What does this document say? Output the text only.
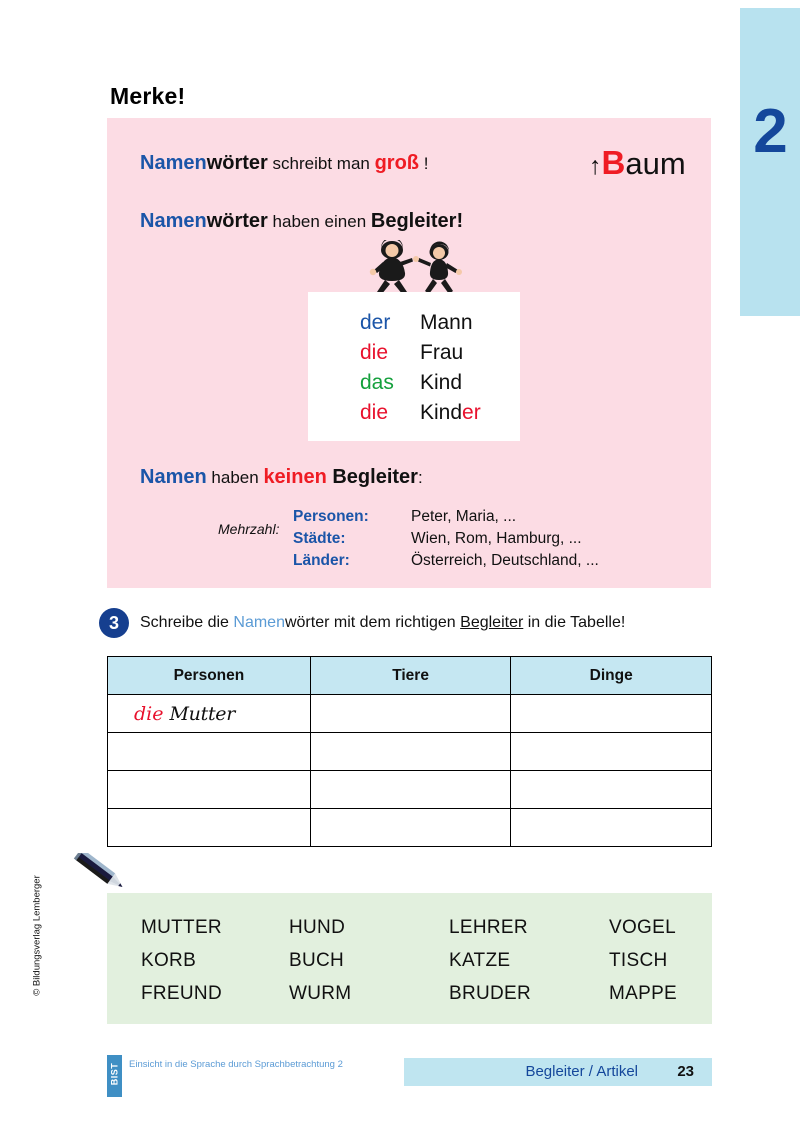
2
Merke!
Namenwörter schreibt man groß !	↑Baum
Namenwörter haben einen Begleiter!
der	Mann
die	Frau
das	Kind
die	Kinder
Mehrzahl:
Namen haben keinen Begleiter:
Personen:	Peter, Maria, ...
Städte:	Wien, Rom, Hamburg, ...
Länder:	Österreich, Deutschland, ...
3	Schreibe die Namenwörter mit dem richtigen Begleiter in die Tabelle!
Personen	Tiere	Dinge
die Mutter		

© Bildungsverlag Lemberger	MUTTER	HUND	LEHRER	VOGEL
KORB	BUCH	KATZE	TISCH
FREUND	WURM	BRUDER	MAPPE
BIST Einsicht in die Sprache durch Sprachbetrachtung 2	Begleiter / Artikel	23
